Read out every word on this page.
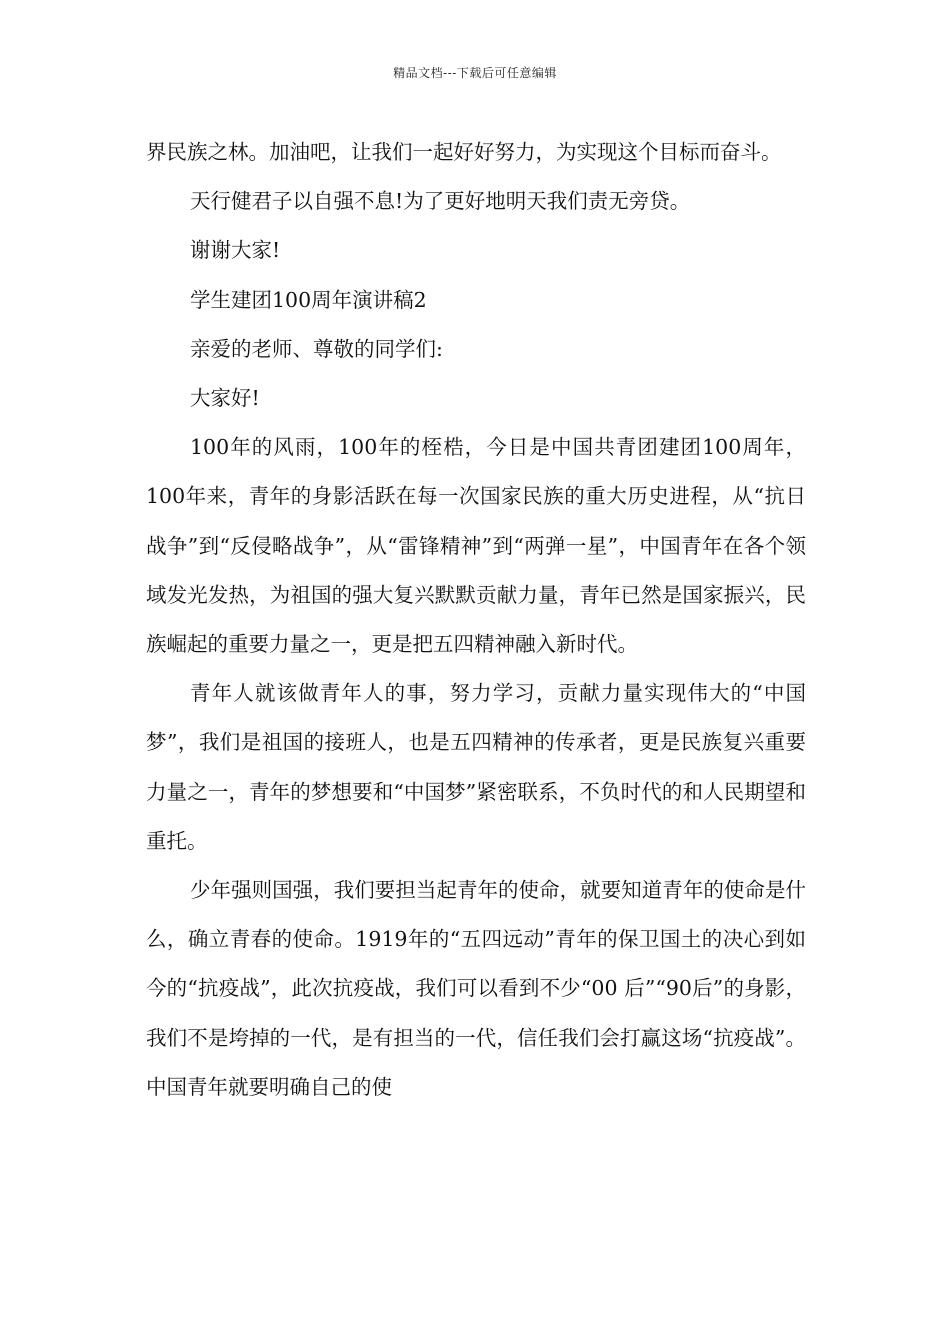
精品文档---下载后可任意编辑

界民族之林。加油吧，让我们一起好好努力，为实现这个目标而奋斗。

天行健君子以自强不息!为了更好地明天我们责无旁贷。

谢谢大家!

学生建团100周年演讲稿2

亲爱的老师、尊敬的同学们:

大家好!

100年的风雨，100年的桎梏，今日是中国共青团建团100周年，100年来，青年的身影活跃在每一次国家民族的重大历史进程，从“抗日战争”到“反侵略战争”，从“雷锋精神”到“两弹一星”，中国青年在各个领域发光发热，为祖国的强大复兴默默贡献力量，青年已然是国家振兴，民族崛起的重要力量之一，更是把五四精神融入新时代。

青年人就该做青年人的事，努力学习，贡献力量实现伟大的“中国梦”，我们是祖国的接班人，也是五四精神的传承者，更是民族复兴重要力量之一，青年的梦想要和“中国梦”紧密联系，不负时代的和人民期望和重托。

少年强则国强，我们要担当起青年的使命，就要知道青年的使命是什么，确立青春的使命。1919年的“五四远动”青年的保卫国土的决心到如今的“抗疫战”，此次抗疫战，我们可以看到不少“00 后”“90后”的身影，我们不是垮掉的一代，是有担当的一代，信任我们会打赢这场“抗疫战”。中国青年就要明确自己的使
